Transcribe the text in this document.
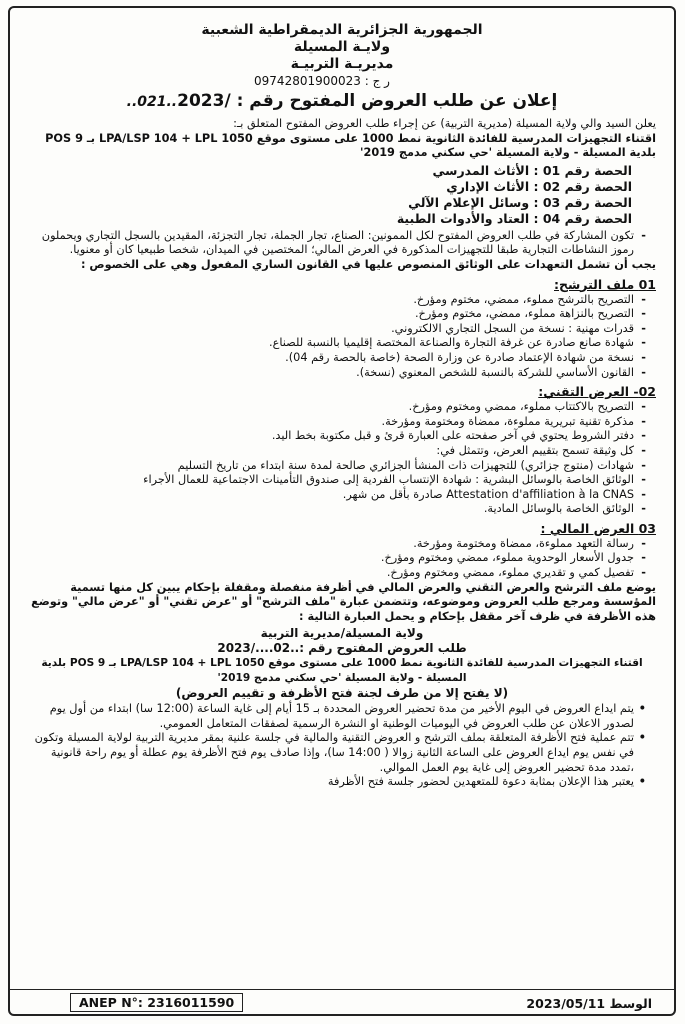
الجمهورية الجزائرية الديمقراطية الشعبية
ولايـة المسيلة
مديريـة التربيـة
ر ج : 09742801900023
إعلان عن طلب العروض المفتوح رقم : ..021..2023/

يعلن السيد والي ولاية المسيلة (مديرية التربية) عن إجراء طلب العروض المفتوح المتعلق بـ:

اقتناء التجهيزات المدرسية للفائدة الثانوية نمط 1000 على مستوى موقع LPA/LSP 104 + LPL 1050 بـ POS 9 بلدية المسيلة - ولاية المسيلة 'حي سكني مدمج 2019'

الحصة رقم 01 : الأثاث المدرسي
الحصة رقم 02 : الأثاث الإداري
الحصة رقم 03 : وسائل الإعلام الآلي
الحصة رقم 04 : العتاد والأدوات الطبية
- تكون المشاركة في طلب العروض المفتوح لكل الممونين: الصناع، تجار الجملة، تجار التجزئة، المقيدين بالسجل التجاري ويحملون رموز النشاطات التجارية طبقا للتجهيزات المذكورة في العرض المالي؛ المختصين في الميدان، شخصا طبيعيا كان أو معنويا.

يجب أن تشمل التعهدات على الوثائق المنصوص عليها في القانون الساري المفعول وهي على الخصوص :

01 ملف الترشح:
- التصريح بالترشح مملوء، ممضي، مختوم ومؤرخ.
- التصريح بالنزاهة مملوء، ممضي، مختوم ومؤرخ.
- قدرات مهنية : نسخة من السجل التجاري الالكتروني.
- شهادة صانع صادرة عن غرفة التجارة والصناعة المختصة إقليميا بالنسبة للصناع.
- نسخة من شهادة الإعتماد صادرة عن وزارة الصحة (خاصة بالحصة رقم 04).
- القانون الأساسي للشركة بالنسبة للشخص المعنوي (نسخة).
02- العرض التقني:
- التصريح بالاكتتاب مملوء، ممضي ومختوم ومؤرخ.
- مذكرة تقنية تبريرية مملوءة، ممضاة ومختومة ومؤرخة.
- دفتر الشروط يحتوي في آخر صفحته على العبارة قرئ و قبل مكتوبة بخط اليد.
- كل وثيقة تسمح بتقييم العرض، وتتمثل في:
- شهادات (منتوج جزائري) للتجهيزات ذات المنشأ الجزائري صالحة لمدة سنة ابتداء من تاريخ التسليم
- الوثائق الخاصة بالوسائل البشرية : شهادة الإنتساب الفردية إلى صندوق التأمينات الاجتماعية للعمال الأجراء
- Attestation d'affiliation à la CNAS صادرة بأقل من شهر.
- الوثائق الخاصة بالوسائل المادية.
03 العرض المالي :
- رسالة التعهد مملوءة، ممضاة ومختومة ومؤرخة.
- جدول الأسعار الوحدوية مملوء، ممضي ومختوم ومؤرخ.
- تفصيل كمي و تقديري مملوء، ممضي ومختوم ومؤرخ.

يوضع ملف الترشح والعرض التقني والعرض المالي في أظرفة منفصلة ومقفلة بإحكام يبين كل منها تسمية المؤسسة ومرجع طلب العروض وموضوعه، وتتضمن عبارة "ملف الترشح" أو "عرض تقني" أو "عرض مالي" وتوضع هذه الأظرفة في ظرف آخر مقفل بإحكام و يحمل العبارة التالية :

ولاية المسيلة/مديرية التربية
طلب العروض المفتوح رقم :..02..../2023

اقتناء التجهيزات المدرسية للفائدة الثانوية نمط 1000 على مستوى موقع LPA/LSP 104 + LPL 1050 بـ POS 9 بلدية المسيلة - ولاية المسيلة 'حي سكني مدمج 2019'

(لا يفتح إلا من طرف لجنة فتح الأظرفة و تقييم العروض)

• يتم ايداع العروض في اليوم الأخير من مدة تحضير العروض المحددة بـ 15 أيام إلى غاية الساعة (12:00 سا) ابتداء من أول يوم لصدور الاعلان عن طلب العروض في اليوميات الوطنية او النشرة الرسمية لصفقات المتعامل العمومي.
• تتم عملية فتح الأظرفة المتعلقة بملف الترشح و العروض التقنية والمالية في جلسة علنية بمقر مديرية التربية لولاية المسيلة وتكون في نفس يوم ايداع العروض على الساعة الثانية زوالا ( 14:00 سا)، وإذا صادف يوم فتح الأظرفة يوم عطلة أو يوم راحة قانونية ،تمدد مدة تحضير العروض إلى غاية يوم العمل الموالي.
• يعتبر هذا الإعلان بمثابة دعوة للمتعهدين لحضور جلسة فتح الأظرفة
ANEP N°: 2316011590	الوسط 2023/05/11
